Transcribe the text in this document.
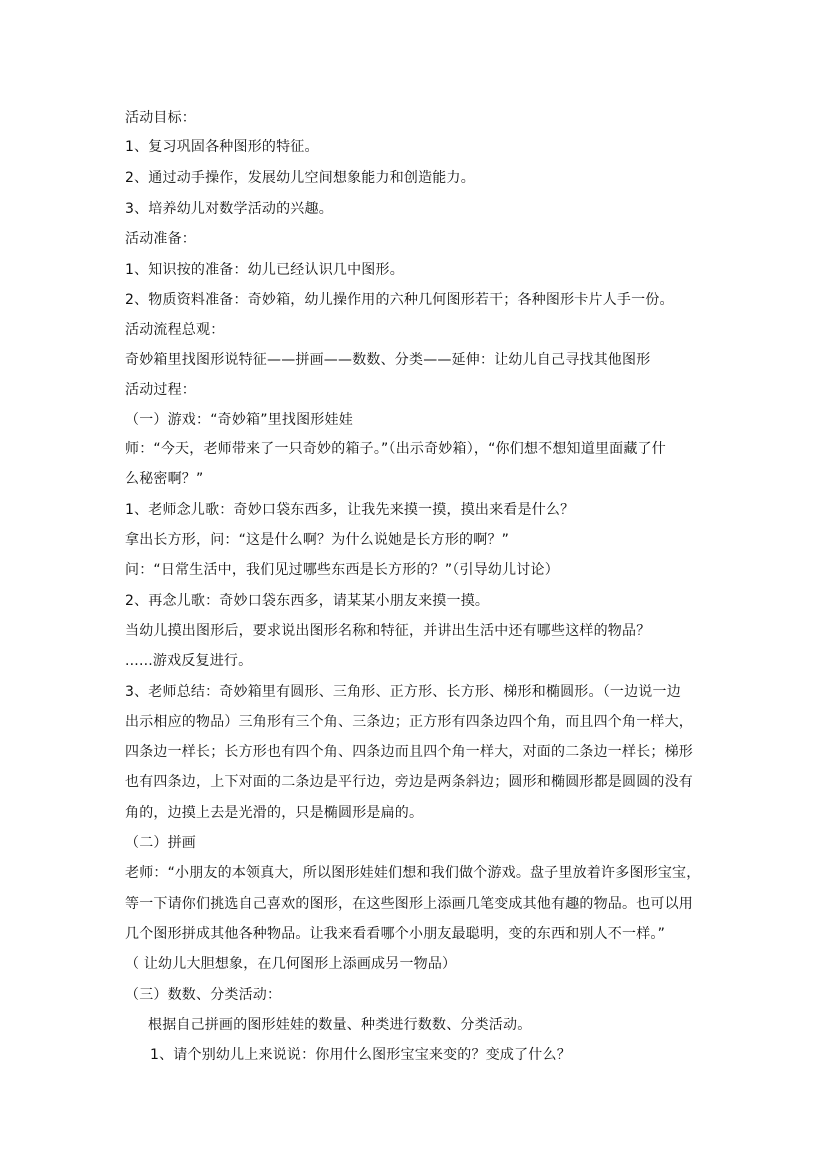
活动目标：
1、复习巩固各种图形的特征。
2、通过动手操作，发展幼儿空间想象能力和创造能力。
3、培养幼儿对数学活动的兴趣。
活动准备：
1、知识按的准备：幼儿已经认识几中图形。
2、物质资料准备：奇妙箱，幼儿操作用的六种几何图形若干；各种图形卡片人手一份。
活动流程总观：
奇妙箱里找图形说特征——拼画——数数、分类——延伸：让幼儿自己寻找其他图形
活动过程：
（一）游戏：“奇妙箱”里找图形娃娃
师：“今天，老师带来了一只奇妙的箱子。”（出示奇妙箱），“你们想不想知道里面藏了什
么秘密啊？”
1、老师念儿歌：奇妙口袋东西多，让我先来摸一摸，摸出来看是什么？
拿出长方形，问：“这是什么啊？为什么说她是长方形的啊？”
问：“日常生活中，我们见过哪些东西是长方形的？”（引导幼儿讨论）
2、再念儿歌：奇妙口袋东西多，请某某小朋友来摸一摸。
当幼儿摸出图形后，要求说出图形名称和特征，并讲出生活中还有哪些这样的物品？
......游戏反复进行。
3、老师总结：奇妙箱里有圆形、三角形、正方形、长方形、梯形和椭圆形。（一边说一边
出示相应的物品）三角形有三个角、三条边；正方形有四条边四个角，而且四个角一样大，
四条边一样长；长方形也有四个角、四条边而且四个角一样大，对面的二条边一样长；梯形
也有四条边，上下对面的二条边是平行边，旁边是两条斜边；圆形和椭圆形都是圆圆的没有
角的，边摸上去是光滑的，只是椭圆形是扁的。
（二）拼画
老师：“小朋友的本领真大，所以图形娃娃们想和我们做个游戏。盘子里放着许多图形宝宝，
等一下请你们挑选自己喜欢的图形，在这些图形上添画几笔变成其他有趣的物品。也可以用
几个图形拼成其他各种物品。让我来看看哪个小朋友最聪明，变的东西和别人不一样。”
（ 让幼儿大胆想象，在几何图形上添画成另一物品）
（三）数数、分类活动：
根据自己拼画的图形娃娃的数量、种类进行数数、分类活动。
1、请个别幼儿上来说说：你用什么图形宝宝来变的？变成了什么？
